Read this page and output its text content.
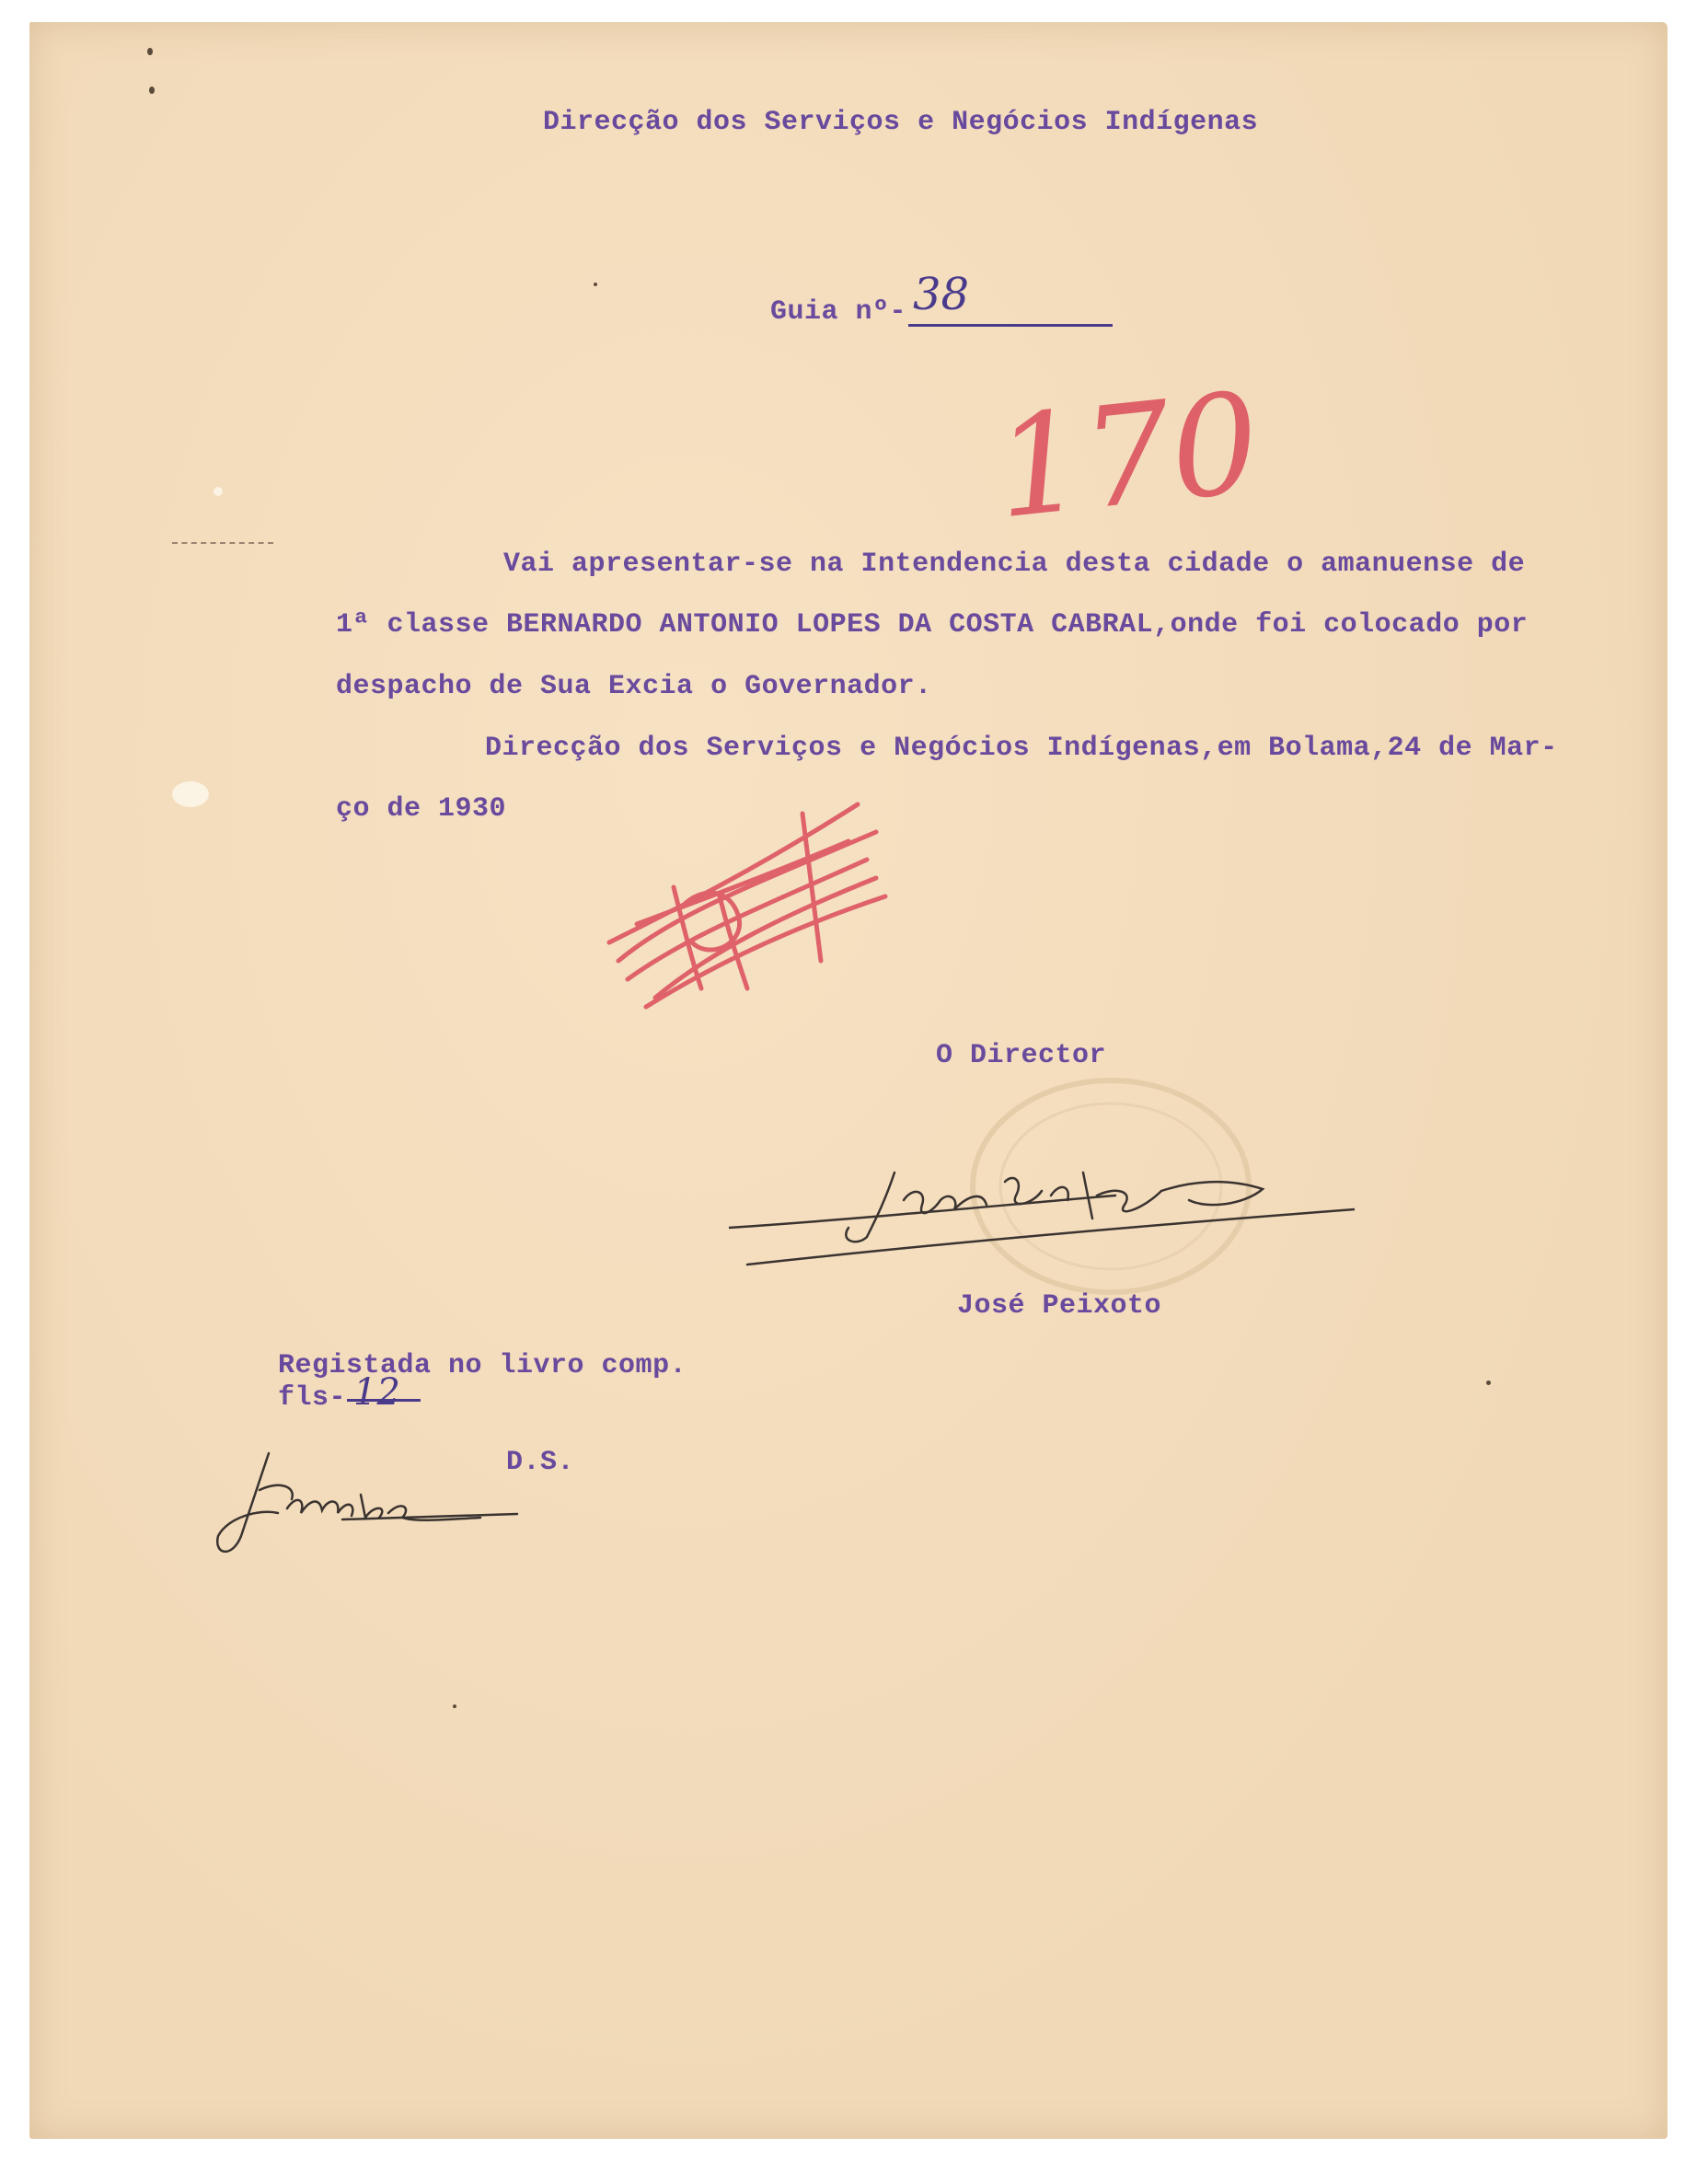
Direcção dos Serviços e Negócios Indígenas
Guia nº- 38
170
Vai apresentar-se na Intendencia desta cidade o amanuense de
1ª classe BERNARDO ANTONIO LOPES DA COSTA CABRAL,onde foi colocado por
despacho de Sua Excia o Governador.
Direcção dos Serviços e Negócios Indígenas,em Bolama,24 de Mar-
ço de 1930
O Director
José Peixoto
Registada no livro comp.
fls- 12
D.S.
